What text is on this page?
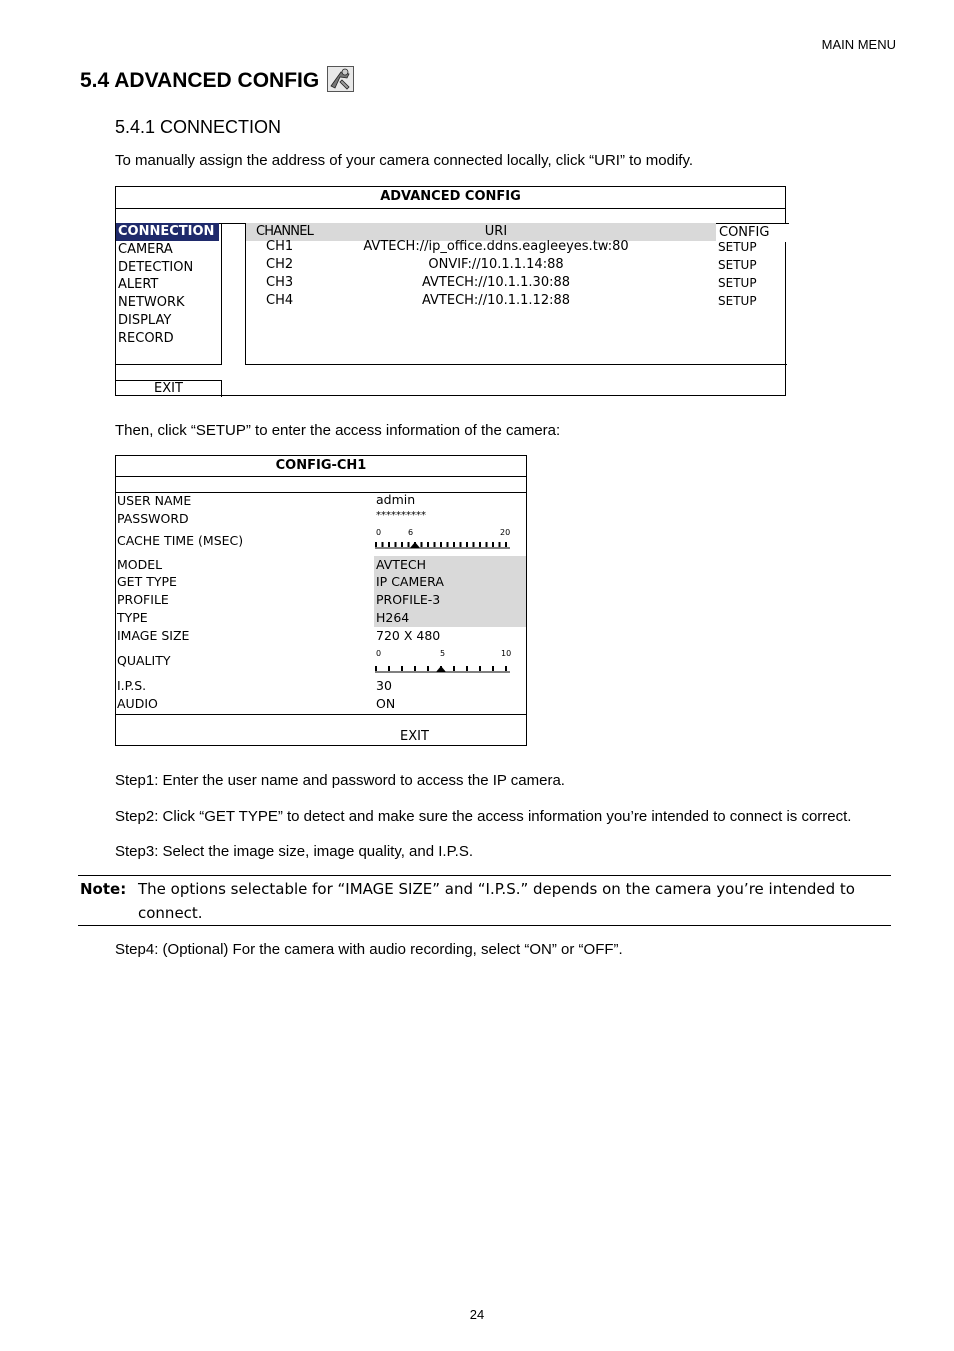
MAIN MENU
5.4 ADVANCED CONFIG
5.4.1 CONNECTION
To manually assign the address of your camera connected locally, click “URI” to modify.
ADVANCED CONFIG
CONNECTION
CAMERA
DETECTION
ALERT
NETWORK
DISPLAY
RECORD
EXIT
CHANNEL	URI	CONFIG
CH1	AVTECH://ip_office.ddns.eagleeyes.tw:80	SETUP
CH2	ONVIF://10.1.1.14:88	SETUP
CH3	AVTECH://10.1.1.30:88	SETUP
CH4	AVTECH://10.1.1.12:88	SETUP
Then, click “SETUP” to enter the access information of the camera:
CONFIG-CH1
USER NAME	admin
PASSWORD	**********
CACHE TIME (MSEC)
0	6	20
MODEL	AVTECH
GET TYPE	IP CAMERA
PROFILE	PROFILE-3
TYPE	H264
IMAGE SIZE	720 X 480
QUALITY	0	5	10
I.P.S.	30
AUDIO	ON
EXIT
Step1: Enter the user name and password to access the IP camera.
Step2: Click “GET TYPE” to detect and make sure the access information you’re intended to connect is correct.
Step3: Select the image size, image quality, and I.P.S.
Note: The options selectable for “IMAGE SIZE” and “I.P.S.” depends on the camera you’re intended to connect.
Step4: (Optional) For the camera with audio recording, select “ON” or “OFF”.
24
